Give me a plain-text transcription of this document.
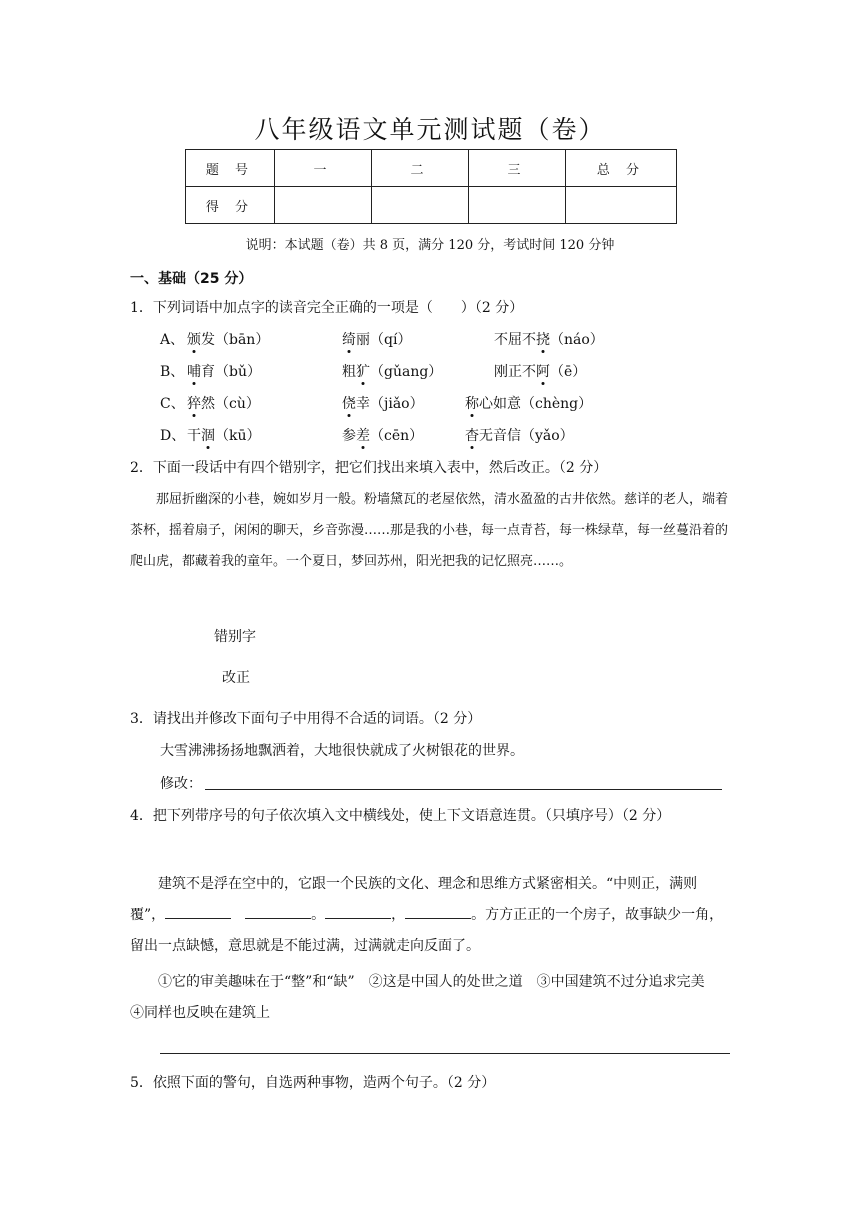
八年级语文单元测试题（卷）
题 号	一	二	三	总 分
得 分				
说明：本试题（卷）共 8 页，满分 120 分，考试时间 120 分钟
一、基础（25 分）
1．下列词语中加点字的读音完全正确的一项是（　　）（2 分）
A、 颁发（bān）	绮丽（qí）	不屈不挠（náo）
B、 哺育（bǔ）	粗犷（gǔang）	刚正不阿（ē）
C、 猝然（cù）	侥幸（jiǎo）	称心如意（chèng）
D、 干涸（kū）	参差（cēn）	杳无音信（yǎo）
2．下面一段话中有四个错别字，把它们找出来填入表中，然后改正。（2 分）
那屈折幽深的小巷，婉如岁月一般。粉墙黛瓦的老屋依然，清水盈盈的古井依然。慈详的老人，端着茶杯，摇着扇子，闲闲的聊天，乡音弥漫……那是我的小巷，每一点青苔，每一株绿草，每一丝蔓沿着的爬山虎，都藏着我的童年。一个夏日，梦回苏州，阳光把我的记忆照亮……。
错别字
改正
3．请找出并修改下面句子中用得不合适的词语。（2 分）
大雪沸沸扬扬地飘洒着，大地很快就成了火树银花的世界。
修改：
4．把下列带序号的句子依次填入文中横线处，使上下文语意连贯。（只填序号）（2 分）
建筑不是浮在空中的，它跟一个民族的文化、理念和思维方式紧密相关。“中则正，满则覆”，　	。	，	。方方正正的一个房子，故事缺少一角，留出一点缺憾，意思就是不能过满，过满就走向反面了。
①它的审美趣味在于“整”和“缺”　②这是中国人的处世之道　③中国建筑不过分追求完美　④同样也反映在建筑上
5．依照下面的警句，自选两种事物，造两个句子。（2 分）
